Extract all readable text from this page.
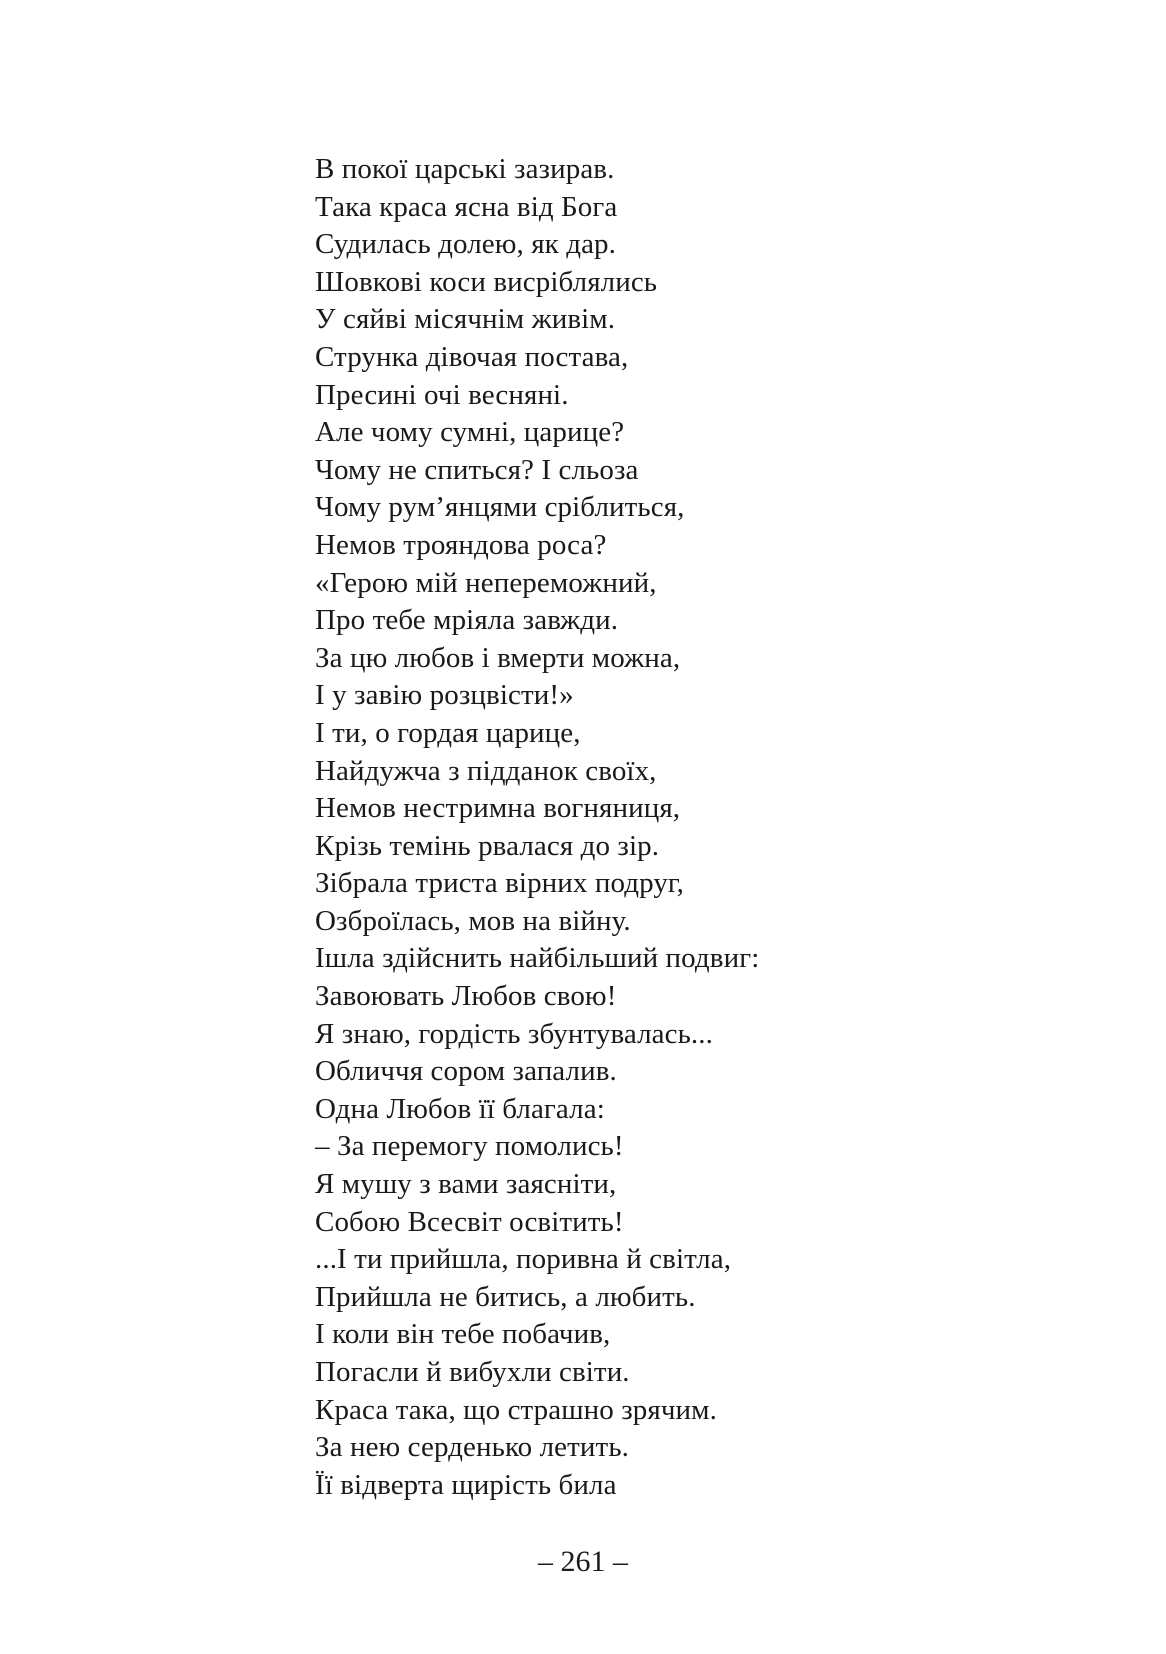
В покої царські зазирав.
Така краса ясна від Бога
Судилась долею, як дар.
Шовкові коси висріблялись
У сяйві місячнім живім.
Струнка дівочая постава,
Пресині очі весняні.
Але чому сумні, царице?
Чому не спиться? І сльоза
Чому рум’янцями сріблиться,
Немов трояндова роса?
«Герою мій непереможний,
Про тебе мріяла завжди.
За цю любов і вмерти можна,
І у завію розцвісти!»
І ти, о гордая царице,
Найдужча з підданок своїх,
Немов нестримна вогняниця,
Крізь темінь рвалася до зір.
Зібрала триста вірних подруг,
Озброїлась, мов на війну.
Ішла здійснить найбільший подвиг:
Завоювать Любов свою!
Я знаю, гордість збунтувалась...
Обличчя сором запалив.
Одна Любов її благала:
– За перемогу помолись!
Я мушу з вами заясніти,
Собою Всесвіт освітить!
...І ти прийшла, поривна й світла,
Прийшла не битись, а любить.
І коли він тебе побачив,
Погасли й вибухли світи.
Краса така, що страшно зрячим.
За нею серденько летить.
Її відверта щирість била
– 261 –
